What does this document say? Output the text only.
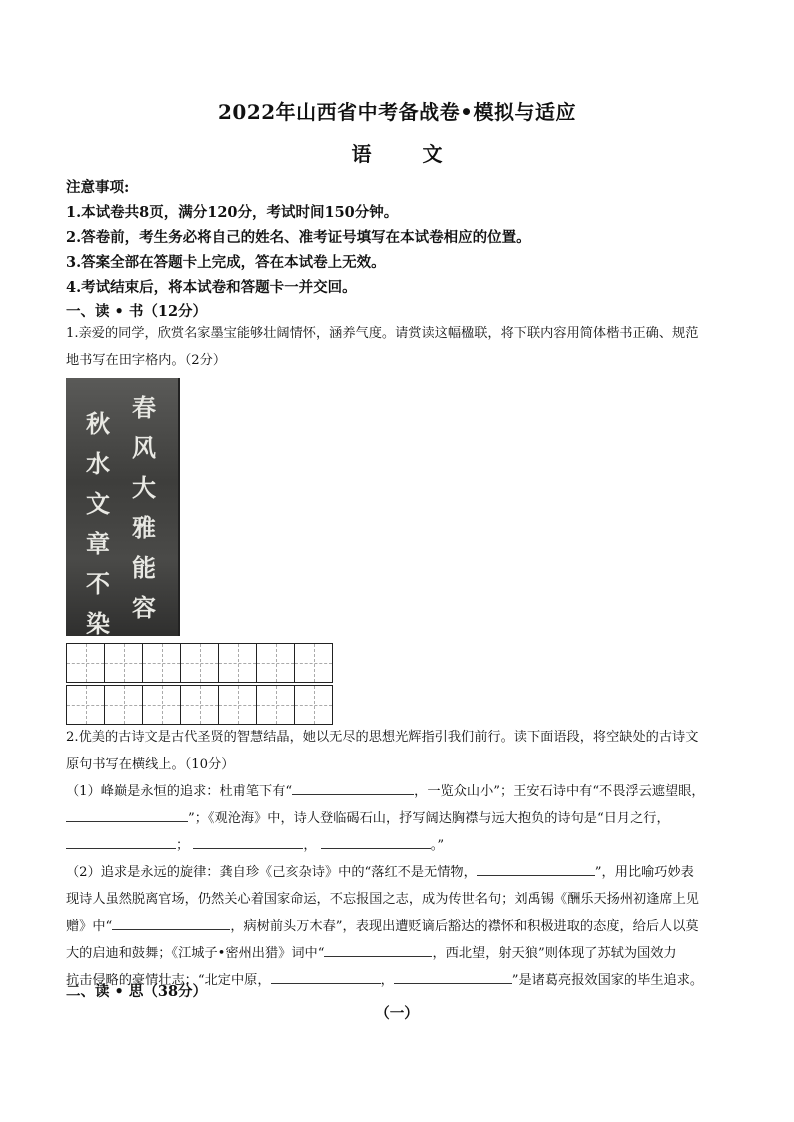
2022年山西省中考备战卷•模拟与适应
语 文
注意事项:
1.本试卷共8页，满分120分，考试时间150分钟。
2.答卷前，考生务必将自己的姓名、准考证号填写在本试卷相应的位置。
3.答案全部在答题卡上完成，答在本试卷上无效。
4.考试结束后，将本试卷和答题卡一并交回。
一、读 • 书（12分）
1.亲爱的同学，欣赏名家墨宝能够壮阔情怀，涵养气度。请赏读这幅楹联，将下联内容用简体楷书正确、规范
地书写在田字格内。（2分）
春
风
大
雅
能
容
秋
水
文
章
不
染
2.优美的古诗文是古代圣贤的智慧结晶，她以无尽的思想光辉指引我们前行。读下面语段，将空缺处的古诗文
原句书写在横线上。（10分）
（1）峰巅是永恒的追求：杜甫笔下有“	，一览众山小”；王安石诗中有“不畏浮云遮望眼，
”；《观沧海》中，诗人登临碣石山，抒写阔达胸襟与远大抱负的诗句是“日月之行，
；	，	。”
（2）追求是永远的旋律：龚自珍《己亥杂诗》中的“落红不是无情物，	”，用比喻巧妙表
现诗人虽然脱离官场，仍然关心着国家命运，不忘报国之志，成为传世名句；刘禹锡《酬乐天扬州初逢席上见
赠》中“	，病树前头万木春”，表现出遭贬谪后豁达的襟怀和积极进取的态度，给后人以莫
大的启迪和鼓舞；《江城子•密州出猎》词中“	，西北望，射天狼”则体现了苏轼为国效力
抗击侵略的豪情壮志；“北定中原，	，	”是诸葛亮报效国家的毕生追求。
二、读 • 思（38分）
（一）
